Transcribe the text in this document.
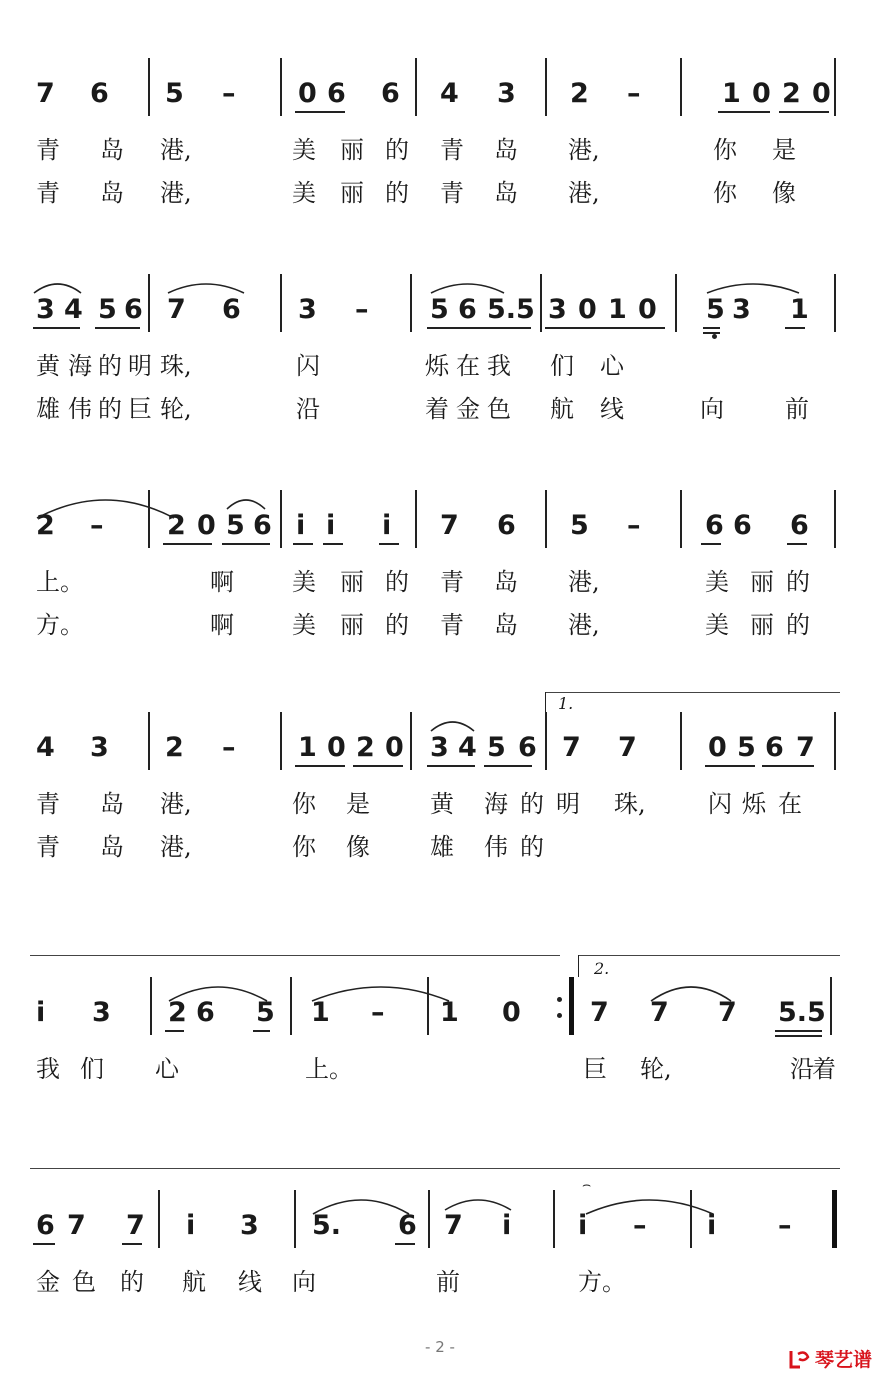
7 6 5 – 0 6 6 4 3 2 –	1 0 2 0
青 岛 港,	美 丽 的 青 岛 港,	你 是
青 岛 港,	美 丽 的 青 岛 港,	你 像
3 4 5 6 7 6 3 – 5 6 5.5 3 0 1 0 5 3 1
黄 海 的 明 珠,	闪	烁 在 我 们 心
雄 伟 的 巨 轮,	沿	着 金 色 航 线	向	前
2 – 2 0 5 6 i i i 7 6 5 – 6 6 6
上。	啊 美 丽 的 青 岛 港,	美 丽 的
方。	啊 美 丽 的 青 岛 港,	美 丽 的
4 3 2 – 1 0 2 0 3 4 5 6 7 7	0 5 6 7
1.
青 岛 港,	你 是	黄 海 的 明 珠,	闪 烁 在
青 岛 港,	你 像	雄 伟 的
i 3 2 6 5 1 – 1 0	7 7 7 5.5
2.
我 们 心	上。	巨 轮,	沿
着
6 7 7 i 3 5. 6 7 i i – i –
⌢
金 色 的 航 线 向	前	方。
- 2 -
琴艺谱
